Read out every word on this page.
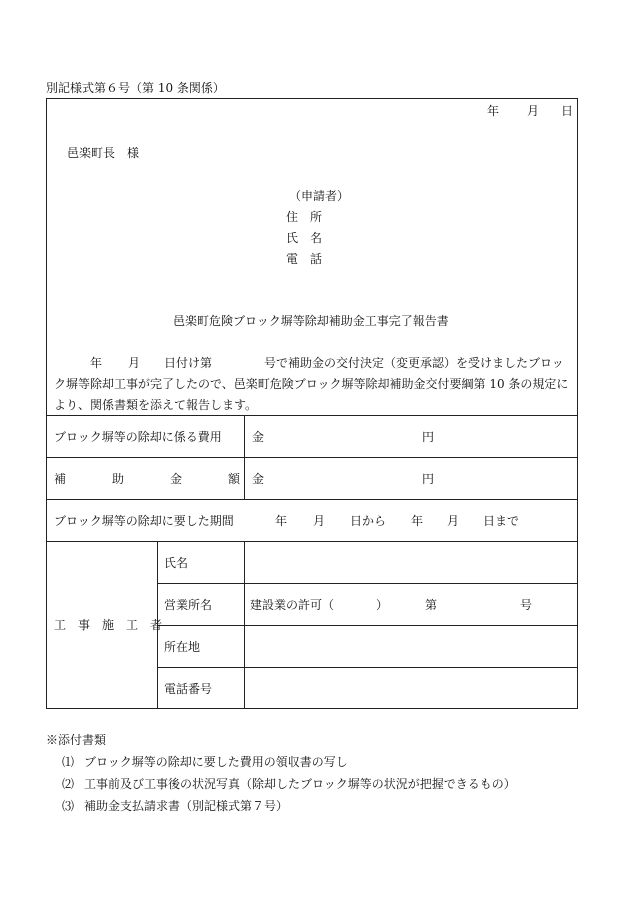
別記様式第６号（第 10 条関係）
年 月 日
邑楽町長　様
（申請者）
住　所
氏　名
電　話
邑楽町危険ブロック塀等除却補助金工事完了報告書
年 月 日付け第	号で補助金の交付決定（変更承認）を受けましたブロッ
ク塀等除却工事が完了したので、邑楽町危険ブロック塀等除却補助金交付要綱第 10 条の規定に
より、関係書類を添えて報告します。
ブロック塀等の除却に係る費用	金	円
補	助	金	額 金	円
ブロック塀等の除却に要した期間	年 月 日から 年 月 日まで
工　事　施　工　者
氏名
営業所名	建設業の許可（	）	第	号
所在地
電話番号
※添付書類
⑴ ブロック塀等の除却に要した費用の領収書の写し
⑵ 工事前及び工事後の状況写真（除却したブロック塀等の状況が把握できるもの）
⑶ 補助金支払請求書（別記様式第７号）
